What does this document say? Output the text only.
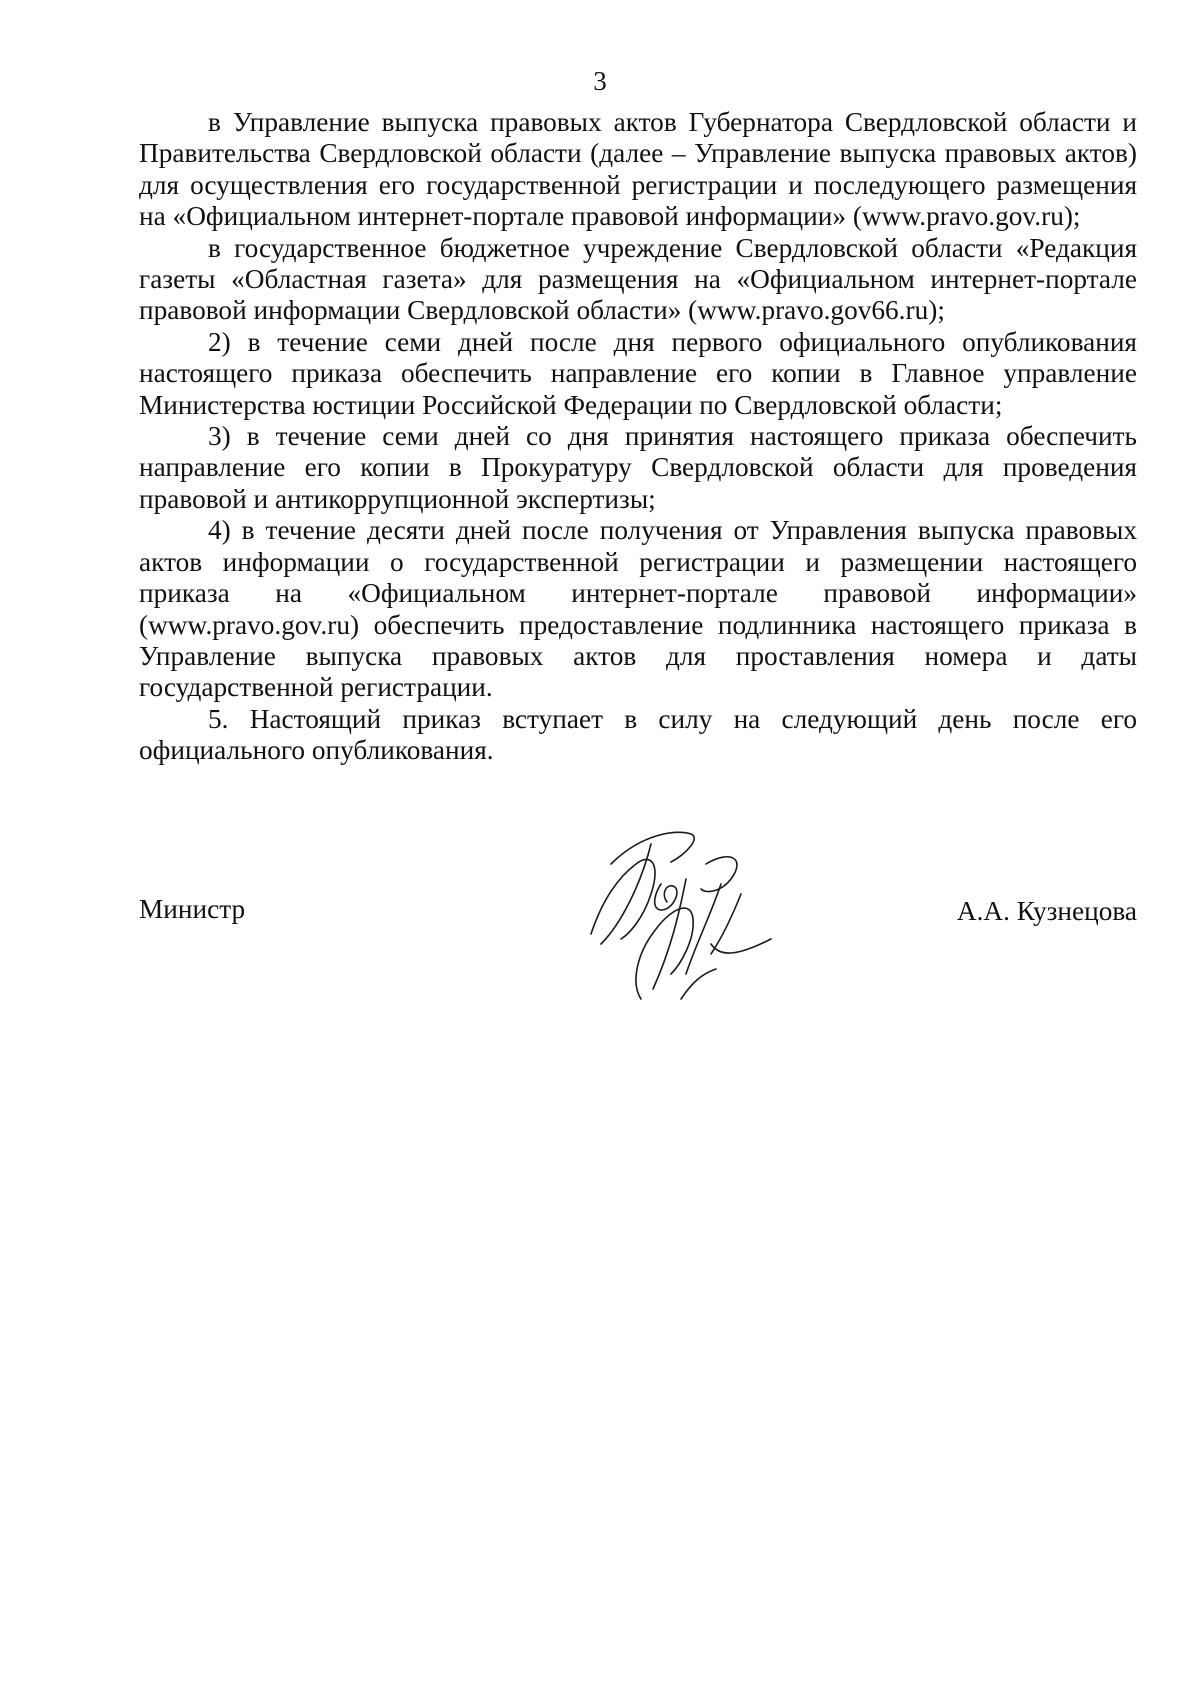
3

в Управление выпуска правовых актов Губернатора Свердловской области и Правительства Свердловской области (далее – Управление выпуска правовых актов) для осуществления его государственной регистрации и последующего размещения на «Официальном интернет-портале правовой информации» (www.pravo.gov.ru);

в государственное бюджетное учреждение Свердловской области «Редакция газеты «Областная газета» для размещения на «Официальном интернет-портале правовой информации Свердловской области» (www.pravo.gov66.ru);

2) в течение семи дней после дня первого официального опубликования настоящего приказа обеспечить направление его копии в Главное управление Министерства юстиции Российской Федерации по Свердловской области;

3) в течение семи дней со дня принятия настоящего приказа обеспечить направление его копии в Прокуратуру Свердловской области для проведения правовой и антикоррупционной экспертизы;

4) в течение десяти дней после получения от Управления выпуска правовых актов информации о государственной регистрации и размещении настоящего приказа на «Официальном интернет-портале правовой информации» (www.pravo.gov.ru) обеспечить предоставление подлинника настоящего приказа в Управление выпуска правовых актов для проставления номера и даты государственной регистрации.

5. Настоящий приказ вступает в силу на следующий день после его официального опубликования.

Министр	А.А. Кузнецова
